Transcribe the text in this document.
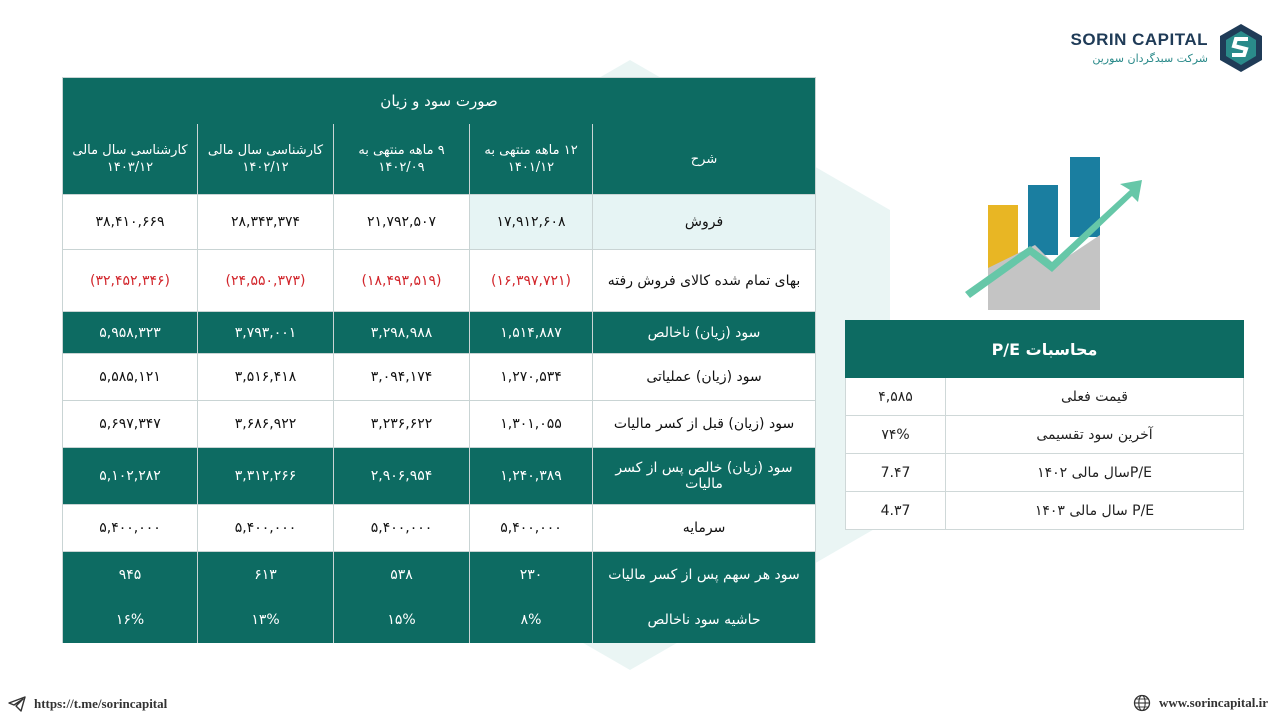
SORIN CAPITAL
شرکت سبدگردان سورین
صورت سود و زیان				
شرح	۱۲ ماهه منتهی به ۱۴۰۱/۱۲	۹ ماهه منتهی به ۱۴۰۲/۰۹	کارشناسی سال مالی ۱۴۰۲/۱۲	کارشناسی سال مالی ۱۴۰۳/۱۲
فروش	۱۷,۹۱۲,۶۰۸	۲۱,۷۹۲,۵۰۷	۲۸,۳۴۳,۳۷۴	۳۸,۴۱۰,۶۶۹
بهای تمام شده کالای فروش رفته	(۱۶,۳۹۷,۷۲۱)	(۱۸,۴۹۳,۵۱۹)	(۲۴,۵۵۰,۳۷۳)	(۳۲,۴۵۲,۳۴۶)
سود (زیان) ناخالص	۱,۵۱۴,۸۸۷	۳,۲۹۸,۹۸۸	۳,۷۹۳,۰۰۱	۵,۹۵۸,۳۲۳
سود (زیان) عملیاتی	۱,۲۷۰,۵۳۴	۳,۰۹۴,۱۷۴	۳,۵۱۶,۴۱۸	۵,۵۸۵,۱۲۱
سود (زیان) قبل از کسر مالیات	۱,۳۰۱,۰۵۵	۳,۲۳۶,۶۲۲	۳,۶۸۶,۹۲۲	۵,۶۹۷,۳۴۷
سود (زیان) خالص پس از کسر مالیات	۱,۲۴۰,۳۸۹	۲,۹۰۶,۹۵۴	۳,۳۱۲,۲۶۶	۵,۱۰۲,۲۸۲
سرمایه	۵,۴۰۰,۰۰۰	۵,۴۰۰,۰۰۰	۵,۴۰۰,۰۰۰	۵,۴۰۰,۰۰۰
سود هر سهم پس از کسر مالیات	۲۳۰	۵۳۸	۶۱۳	۹۴۵
حاشیه سود ناخالص	۸%	۱۵%	۱۳%	۱۶%
محاسبات P/E	
قیمت فعلی	۴,۵۸۵
آخرین سود تقسیمی	۷۴%
P/Eسال مالی ۱۴۰۲	7.۴7
P/E سال مالی ۱۴۰۳	4.۳7
https://t.me/sorincapital	www.sorincapital.ir
